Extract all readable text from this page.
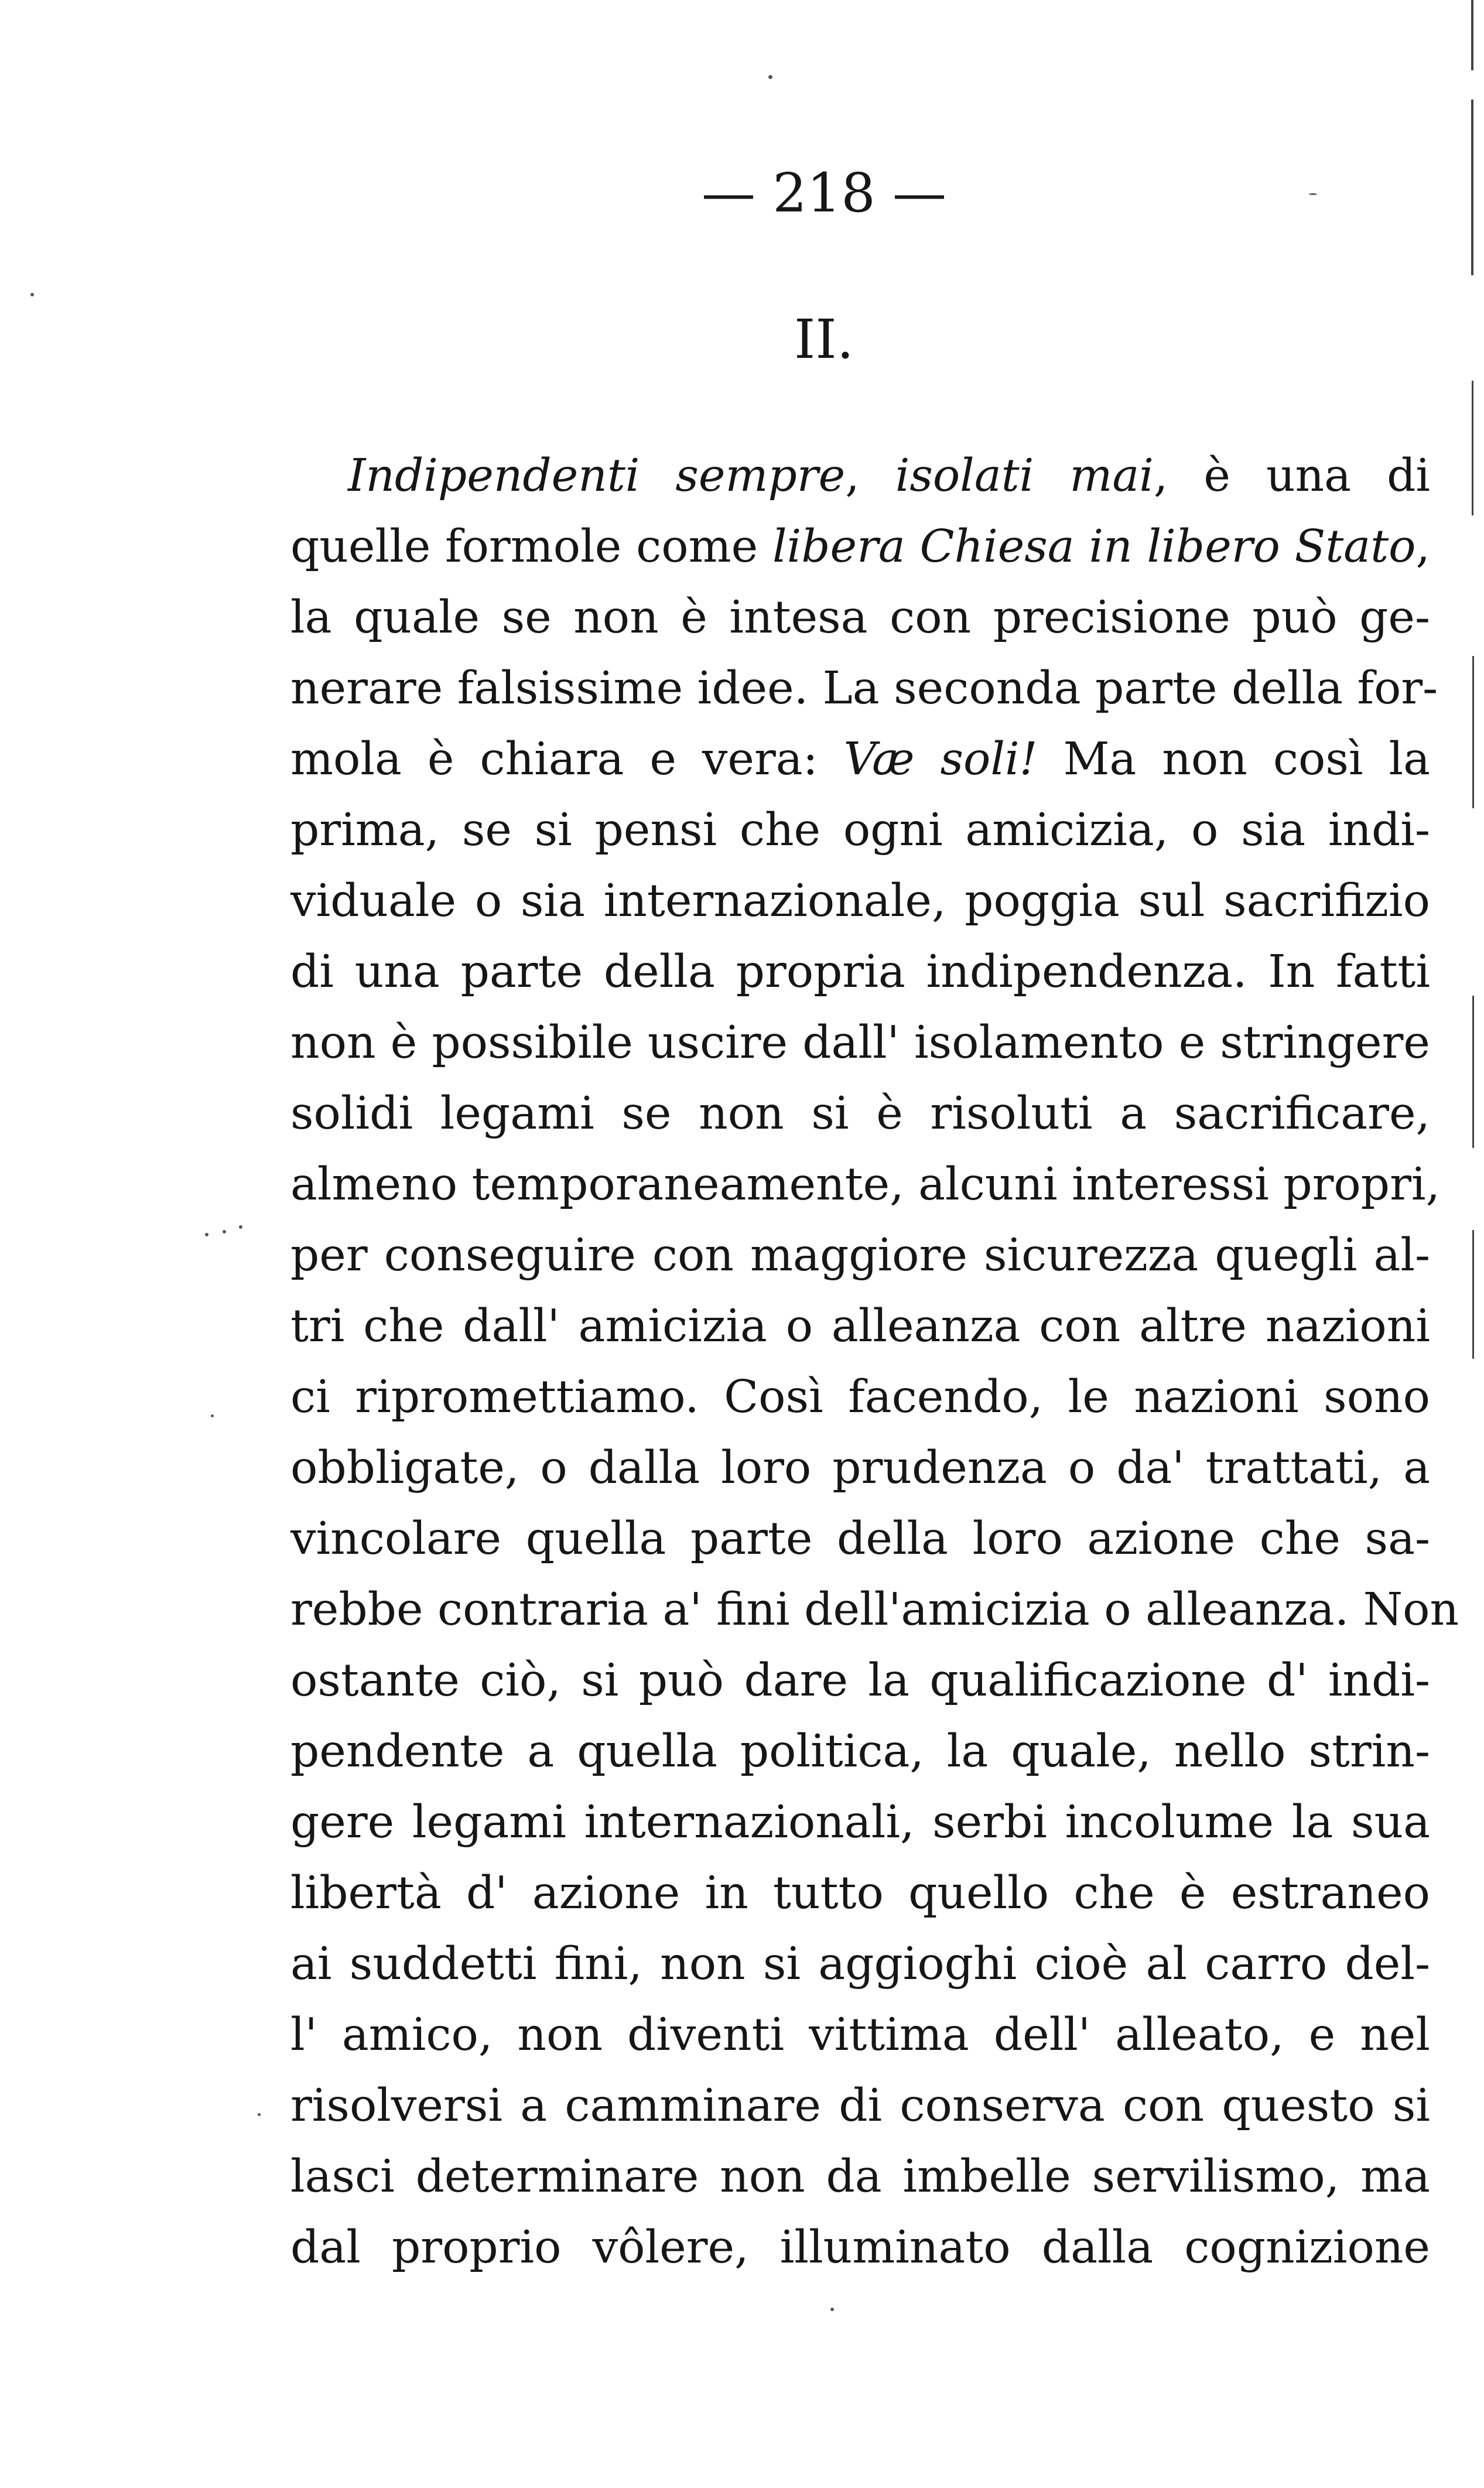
— 218 —
II.
Indipendenti sempre, isolati mai, è una di
quelle formole come libera Chiesa in libero Stato,
la quale se non è intesa con precisione può ge-
nerare falsissime idee. La seconda parte della for-
mola è chiara e vera: Væ soli! Ma non così la
prima, se si pensi che ogni amicizia, o sia indi-
viduale o sia internazionale, poggia sul sacrifizio
di una parte della propria indipendenza. In fatti
non è possibile uscire dall' isolamento e stringere
solidi legami se non si è risoluti a sacrificare,
almeno temporaneamente, alcuni interessi propri,
per conseguire con maggiore sicurezza quegli al-
tri che dall' amicizia o alleanza con altre nazioni
ci ripromettiamo. Così facendo, le nazioni sono
obbligate, o dalla loro prudenza o da' trattati, a
vincolare quella parte della loro azione che sa-
rebbe contraria a' fini dell'amicizia o alleanza. Non
ostante ciò, si può dare la qualificazione d' indi-
pendente a quella politica, la quale, nello strin-
gere legami internazionali, serbi incolume la sua
libertà d' azione in tutto quello che è estraneo
ai suddetti fini, non si aggioghi cioè al carro del-
l' amico, non diventi vittima dell' alleato, e nel
risolversi a camminare di conserva con questo si
lasci determinare non da imbelle servilismo, ma
dal proprio vôlere, illuminato dalla cognizione
